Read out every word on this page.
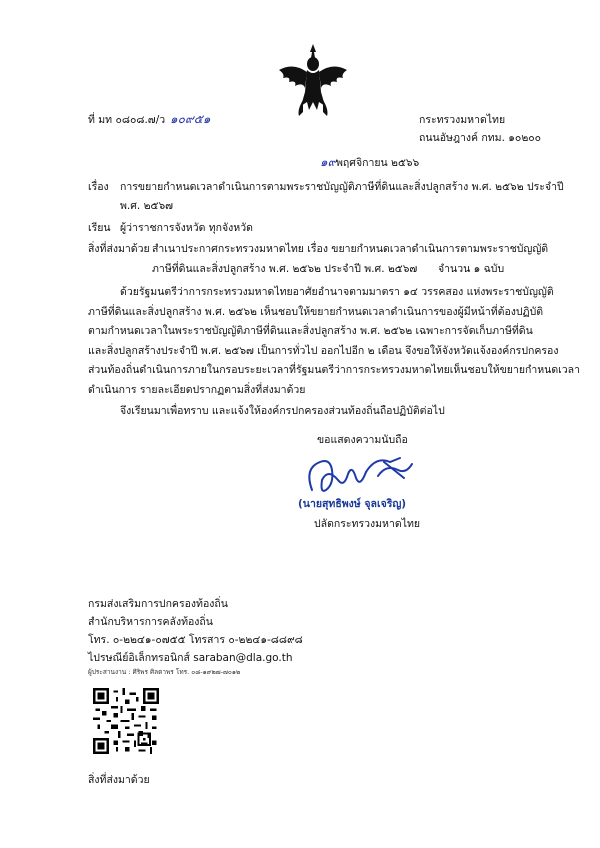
ที่ มท ๐๘๐๘.๗/ว ๑๐๙๕๑	กระทรวงมหาดไทย
ถนนอัษฎางค์ กทม. ๑๐๒๐๐
๑๙ พฤศจิกายน ๒๕๖๖
เรื่อง การขยายกำหนดเวลาดำเนินการตามพระราชบัญญัติภาษีที่ดินและสิ่งปลูกสร้าง พ.ศ. ๒๕๖๒ ประจำปี
พ.ศ. ๒๕๖๗
เรียน ผู้ว่าราชการจังหวัด ทุกจังหวัด
สิ่งที่ส่งมาด้วย สำเนาประกาศกระทรวงมหาดไทย เรื่อง ขยายกำหนดเวลาดำเนินการตามพระราชบัญญัติ
ภาษีที่ดินและสิ่งปลูกสร้าง พ.ศ. ๒๕๖๒ ประจำปี พ.ศ. ๒๕๖๗ จำนวน ๑ ฉบับ
ด้วยรัฐมนตรีว่าการกระทรวงมหาดไทยอาศัยอำนาจตามมาตรา ๑๔ วรรคสอง แห่งพระราชบัญญัติ
ภาษีที่ดินและสิ่งปลูกสร้าง พ.ศ. ๒๕๖๒ เห็นชอบให้ขยายกำหนดเวลาดำเนินการของผู้มีหน้าที่ต้องปฏิบัติ
ตามกำหนดเวลาในพระราชบัญญัติภาษีที่ดินและสิ่งปลูกสร้าง พ.ศ. ๒๕๖๒ เฉพาะการจัดเก็บภาษีที่ดิน
และสิ่งปลูกสร้างประจำปี พ.ศ. ๒๕๖๗ เป็นการทั่วไป ออกไปอีก ๒ เดือน จึงขอให้จังหวัดแจ้งองค์กรปกครอง
ส่วนท้องถิ่นดำเนินการภายในกรอบระยะเวลาที่รัฐมนตรีว่าการกระทรวงมหาดไทยเห็นชอบให้ขยายกำหนดเวลา
ดำเนินการ รายละเอียดปรากฏตามสิ่งที่ส่งมาด้วย
จึงเรียนมาเพื่อทราบ และแจ้งให้องค์กรปกครองส่วนท้องถิ่นถือปฏิบัติต่อไป
ขอแสดงความนับถือ
(นายสุทธิพงษ์ จุลเจริญ)
ปลัดกระทรวงมหาดไทย
กรมส่งเสริมการปกครองท้องถิ่น
สำนักบริหารการคลังท้องถิ่น
โทร. ๐-๒๒๔๑-๐๗๕๕ โทรสาร ๐-๒๒๔๑-๘๘๙๘
ไปรษณีย์อิเล็กทรอนิกส์ saraban@dla.go.th
ผู้ประสานงาน : ศิริพร ศิลตาพร โทร. ๐๘-๑๙๒๗-๗๐๑๒
สิ่งที่ส่งมาด้วย
